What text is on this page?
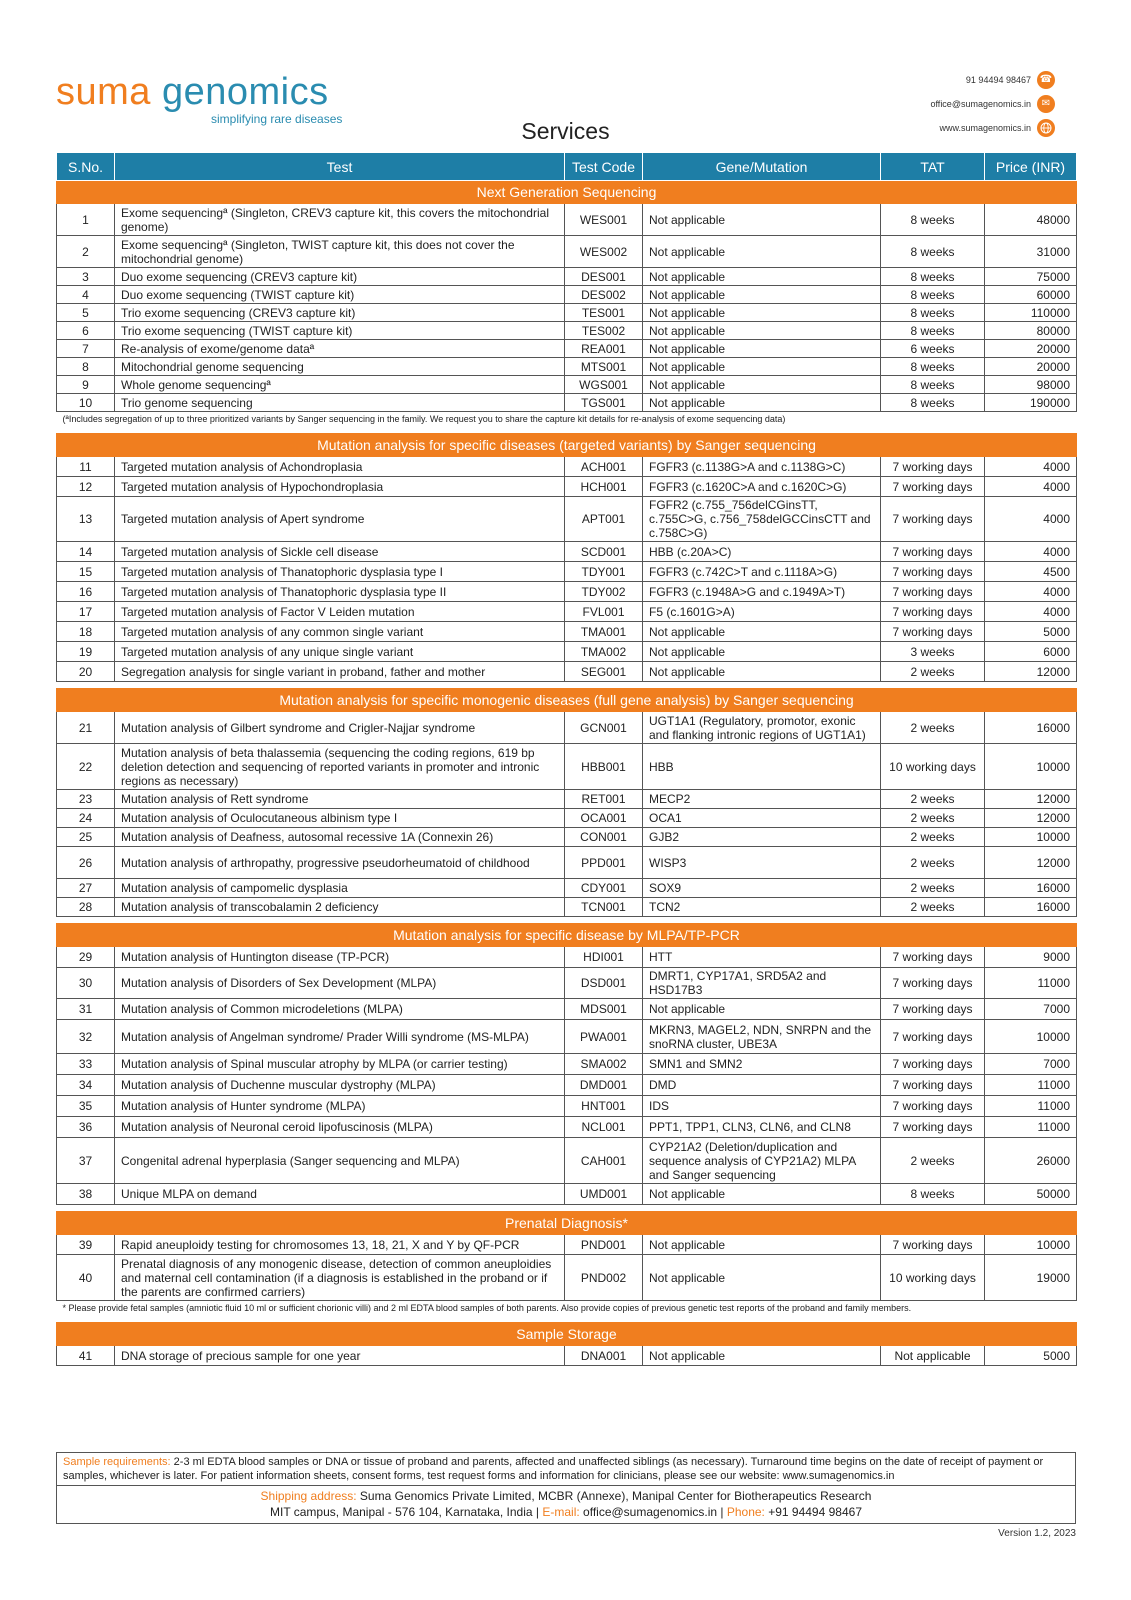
suma genomics
simplifying rare diseases	Services
91 94494 98467 ☎
office@sumagenomics.in	✉
www.sumagenomics.in
S.No.	Test	Test Code	Gene/Mutation	TAT	Price (INR)
Next Generation Sequencing					
1	Exome sequencingª (Singleton, CREV3 capture kit, this covers the mitochondrial genome)	WES001	Not applicable	8 weeks	48000
2	Exome sequencingª (Singleton, TWIST capture kit, this does not cover the mitochondrial genome)	WES002	Not applicable	8 weeks	31000
3	Duo exome sequencing (CREV3 capture kit)	DES001	Not applicable	8 weeks	75000
4	Duo exome sequencing (TWIST capture kit)	DES002	Not applicable	8 weeks	60000
5	Trio exome sequencing (CREV3 capture kit)	TES001	Not applicable	8 weeks	110000
6	Trio exome sequencing (TWIST capture kit)	TES002	Not applicable	8 weeks	80000
7	Re-analysis of exome/genome dataª	REA001	Not applicable	6 weeks	20000
8	Mitochondrial genome sequencing	MTS001	Not applicable	8 weeks	20000
9	Whole genome sequencingª	WGS001	Not applicable	8 weeks	98000
10	Trio genome sequencing	TGS001	Not applicable	8 weeks	190000
(ªIncludes segregation of up to three prioritized variants by Sanger sequencing in the family. We request you to share the capture kit details for re-analysis of exome sequencing data)					

Mutation analysis for specific diseases (targeted variants) by Sanger sequencing					
11	Targeted mutation analysis of Achondroplasia	ACH001	FGFR3 (c.1138G>A and c.1138G>C)	7 working days	4000
12	Targeted mutation analysis of Hypochondroplasia	HCH001	FGFR3 (c.1620C>A and c.1620C>G)	7 working days	4000
13	Targeted mutation analysis of Apert syndrome	APT001	FGFR2 (c.755_756delCGinsTT, c.755C>G, c.756_758delGCCinsCTT and c.758C>G)	7 working days	4000
14	Targeted mutation analysis of Sickle cell disease	SCD001	HBB (c.20A>C)	7 working days	4000
15	Targeted mutation analysis of Thanatophoric dysplasia type I	TDY001	FGFR3 (c.742C>T and c.1118A>G)	7 working days	4500
16	Targeted mutation analysis of Thanatophoric dysplasia type II	TDY002	FGFR3 (c.1948A>G and c.1949A>T)	7 working days	4000
17	Targeted mutation analysis of Factor V Leiden mutation	FVL001	F5 (c.1601G>A)	7 working days	4000
18	Targeted mutation analysis of any common single variant	TMA001	Not applicable	7 working days	5000
19	Targeted mutation analysis of any unique single variant	TMA002	Not applicable	3 weeks	6000
20	Segregation analysis for single variant in proband, father and mother	SEG001	Not applicable	2 weeks	12000

Mutation analysis for specific monogenic diseases (full gene analysis) by Sanger sequencing					
21	Mutation analysis of Gilbert syndrome and Crigler-Najjar syndrome	GCN001	UGT1A1 (Regulatory, promotor, exonic and flanking intronic regions of UGT1A1)	2 weeks	16000
22	Mutation analysis of beta thalassemia (sequencing the coding regions, 619 bp deletion detection and sequencing of reported variants in promoter and intronic regions as necessary)	HBB001	HBB	10 working days	10000
23	Mutation analysis of Rett syndrome	RET001	MECP2	2 weeks	12000
24	Mutation analysis of Oculocutaneous albinism type I	OCA001	OCA1	2 weeks	12000
25	Mutation analysis of Deafness, autosomal recessive 1A (Connexin 26)	CON001	GJB2	2 weeks	10000
26	Mutation analysis of arthropathy, progressive pseudorheumatoid of childhood	PPD001	WISP3	2 weeks	12000
27	Mutation analysis of campomelic dysplasia	CDY001	SOX9	2 weeks	16000
28	Mutation analysis of transcobalamin 2 deficiency	TCN001	TCN2	2 weeks	16000

Mutation analysis for specific disease by MLPA/TP-PCR					
29	Mutation analysis of Huntington disease (TP-PCR)	HDI001	HTT	7 working days	9000
30	Mutation analysis of Disorders of Sex Development (MLPA)	DSD001	DMRT1, CYP17A1, SRD5A2 and HSD17B3	7 working days	11000
31	Mutation analysis of Common microdeletions (MLPA)	MDS001	Not applicable	7 working days	7000
32	Mutation analysis of Angelman syndrome/ Prader Willi syndrome (MS-MLPA)	PWA001	MKRN3, MAGEL2, NDN, SNRPN and the snoRNA cluster, UBE3A	7 working days	10000
33	Mutation analysis of Spinal muscular atrophy by MLPA (or carrier testing)	SMA002	SMN1 and SMN2	7 working days	7000
34	Mutation analysis of Duchenne muscular dystrophy (MLPA)	DMD001	DMD	7 working days	11000
35	Mutation analysis of Hunter syndrome (MLPA)	HNT001	IDS	7 working days	11000
36	Mutation analysis of Neuronal ceroid lipofuscinosis (MLPA)	NCL001	PPT1, TPP1, CLN3, CLN6, and CLN8	7 working days	11000
37	Congenital adrenal hyperplasia (Sanger sequencing and MLPA)	CAH001	CYP21A2 (Deletion/duplication and sequence analysis of CYP21A2) MLPA and Sanger sequencing	2 weeks	26000
38	Unique MLPA on demand	UMD001	Not applicable	8 weeks	50000

Prenatal Diagnosis*					
39	Rapid aneuploidy testing for chromosomes 13, 18, 21, X and Y by QF-PCR	PND001	Not applicable	7 working days	10000
40	Prenatal diagnosis of any monogenic disease, detection of common aneuploidies and maternal cell contamination (if a diagnosis is established in the proband or if the parents are confirmed carriers)	PND002	Not applicable	10 working days	19000
* Please provide fetal samples (amniotic fluid 10 ml or sufficient chorionic villi) and 2 ml EDTA blood samples of both parents. Also provide copies of previous genetic test reports of the proband and family members.					

Sample Storage					
41	DNA storage of precious sample for one year	DNA001	Not applicable	Not applicable	5000
Sample requirements: 2-3 ml EDTA blood samples or DNA or tissue of proband and parents, affected and unaffected siblings (as necessary). Turnaround time begins on the date of receipt of payment or samples, whichever is later. For patient information sheets, consent forms, test request forms and information for clinicians, please see our website: www.sumagenomics.in
Shipping address: Suma Genomics Private Limited, MCBR (Annexe), Manipal Center for Biotherapeutics Research
MIT campus, Manipal - 576 104, Karnataka, India | E-mail: office@sumagenomics.in | Phone: +91 94494 98467
Version 1.2, 2023
